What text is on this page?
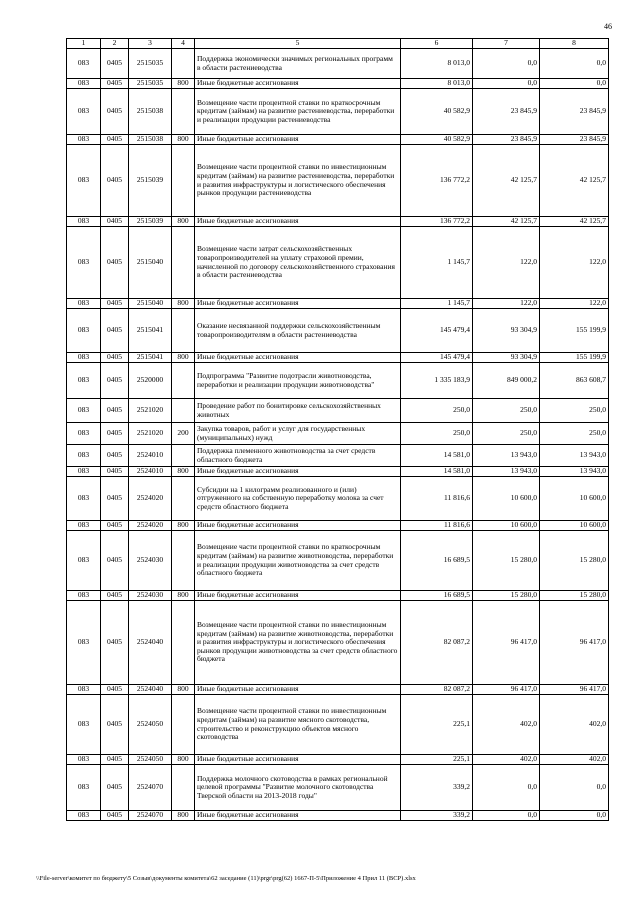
46
1	2	3	4	5	6	7	8
083	0405	2515035		Поддержка экономически значимых региональных программ в области растениеводства	8 013,0	0,0	0,0
083	0405	2515035	800	Иные бюджетные ассигнования	8 013,0	0,0	0,0
083	0405	2515038		Возмещение части процентной ставки по краткосрочным кредитам (займам) на развитие растениеводства, переработки и реализации продукции растениеводства	40 582,9	23 845,9	23 845,9
083	0405	2515038	800	Иные бюджетные ассигнования	40 582,9	23 845,9	23 845,9
083	0405	2515039		Возмещение части процентной ставки по инвестиционным кредитам (займам) на развитие растениеводства, переработки и развития инфраструктуры и логистического обеспечения рынков продукции растениеводства	136 772,2	42 125,7	42 125,7
083	0405	2515039	800	Иные бюджетные ассигнования	136 772,2	42 125,7	42 125,7
083	0405	2515040		Возмещение части затрат сельскохозяйственных товаропроизводителей на уплату страховой премии, начисленной по договору сельскохозяйственного страхования в области растениеводства	1 145,7	122,0	122,0
083	0405	2515040	800	Иные бюджетные ассигнования	1 145,7	122,0	122,0
083	0405	2515041		Оказание несвязанной поддержки сельскохозяйственным товаропроизводителям в области растениеводства	145 479,4	93 304,9	155 199,9
083	0405	2515041	800	Иные бюджетные ассигнования	145 479,4	93 304,9	155 199,9
083	0405	2520000		Подпрограмма "Развитие подотрасли животноводства, переработки и реализации продукции животноводства"	1 335 183,9	849 000,2	863 608,7
083	0405	2521020		Проведение работ по бонитировке сельскохозяйственных животных	250,0	250,0	250,0
083	0405	2521020	200	Закупка товаров, работ и услуг для государственных (муниципальных) нужд	250,0	250,0	250,0
083	0405	2524010		Поддержка племенного животноводства за счет средств областного бюджета	14 581,0	13 943,0	13 943,0
083	0405	2524010	800	Иные бюджетные ассигнования	14 581,0	13 943,0	13 943,0
083	0405	2524020		Субсидии на 1 килограмм реализованного и (или) отгруженного на собственную переработку молока за счет средств областного бюджета	11 816,6	10 600,0	10 600,0
083	0405	2524020	800	Иные бюджетные ассигнования	11 816,6	10 600,0	10 600,0
083	0405	2524030		Возмещение части процентной ставки по краткосрочным кредитам (займам) на развитие животноводства, переработки и реализации продукции животноводства за счет средств областного бюджета	16 689,5	15 280,0	15 280,0
083	0405	2524030	800	Иные бюджетные ассигнования	16 689,5	15 280,0	15 280,0
083	0405	2524040		Возмещение части процентной ставки по инвестиционным кредитам (займам) на развитие животноводства, переработки и развития инфраструктуры и логистического обеспечения рынков продукции животноводства за счет средств областного бюджета	82 087,2	96 417,0	96 417,0
083	0405	2524040	800	Иные бюджетные ассигнования	82 087,2	96 417,0	96 417,0
083	0405	2524050		Возмещение части процентной ставки по инвестиционным кредитам (займам) на развитие мясного скотоводства, строительство и реконструкцию объектов мясного скотоводства	225,1	402,0	402,0
083	0405	2524050	800	Иные бюджетные ассигнования	225,1	402,0	402,0
083	0405	2524070		Поддержка молочного скотоводства в рамках региональной целевой программы "Развитие молочного скотоводства Тверской области на 2013-2018 годы"	339,2	0,0	0,0
083	0405	2524070	800	Иные бюджетные ассигнования	339,2	0,0	0,0
\\File-server\комитет по бюджету\5 Созыв\документы комитета\62 заседание (11)\prgr\prg(62) 1667-П-5\Приложение 4 Прил 11 (ВСР).xlsx
